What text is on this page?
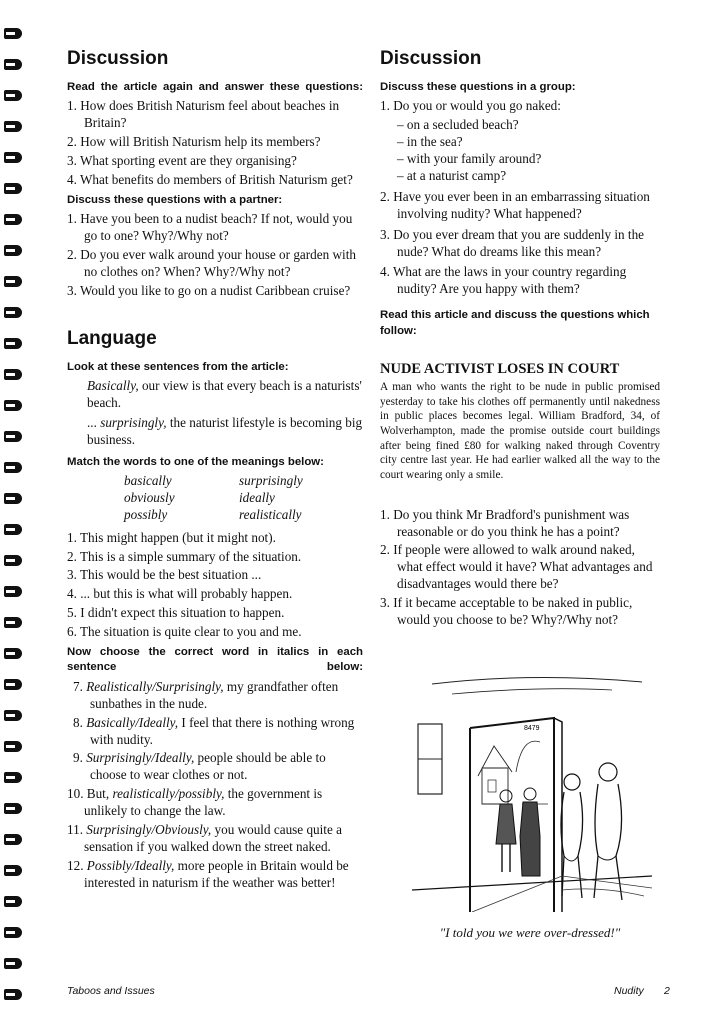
Discussion
Read the article again and answer these questions:
1. How does British Naturism feel about beaches in Britain?
2. How will British Naturism help its members?
3. What sporting event are they organising?
4. What benefits do members of British Naturism get?
Discuss these questions with a partner:
1. Have you been to a nudist beach? If not, would you go to one? Why?/Why not?
2. Do you ever walk around your house or garden with no clothes on? When? Why?/Why not?
3. Would you like to go on a nudist Caribbean cruise?
Language
Look at these sentences from the article:

Basically, our view is that every beach is a naturists' beach.

... surprisingly, the naturist lifestyle is becoming big business.

Match the words to one of the meanings below:
basically	surprisingly
obviously	ideally
possibly	realistically
1. This might happen (but it might not).
2. This is a simple summary of the situation.
3. This would be the best situation ...
4. ... but this is what will probably happen.
5. I didn't expect this situation to happen.
6. The situation is quite clear to you and me.
Now choose the correct word in italics in each sentence below:
7. Realistically/Surprisingly, my grandfather often sunbathes in the nude.
8. Basically/Ideally, I feel that there is nothing wrong with nudity.
9. Surprisingly/Ideally, people should be able to choose to wear clothes or not.
10. But, realistically/possibly, the government is unlikely to change the law.
11. Surprisingly/Obviously, you would cause quite a sensation if you walked down the street naked.
12. Possibly/Ideally, more people in Britain would be interested in naturism if the weather was better!
Discussion
Discuss these questions in a group:
1. Do you or would you go naked:

– on a secluded beach?

– in the sea?

– with your family around?

– at a naturist camp?

2. Have you ever been in an embarrassing situation involving nudity? What happened?
3. Do you ever dream that you are suddenly in the nude? What do dreams like this mean?
4. What are the laws in your country regarding nudity? Are you happy with them?
Read this article and discuss the questions which follow:
NUDE ACTIVIST LOSES IN COURT

A man who wants the right to be nude in public promised yesterday to take his clothes off permanently until nakedness in public places becomes legal. William Bradford, 34, of Wolverhampton, made the promise outside court buildings after being fined £80 for walking naked through Coventry city centre last year. He had earlier walked all the way to the court wearing only a smile.

1. Do you think Mr Bradford's punishment was reasonable or do you think he has a point?
2. If people were allowed to walk around naked, what effect would it have? What advantages and disadvantages would there be?
3. If it became acceptable to be naked in public, would you choose to be? Why?/Why not?
8479
"I told you we were over-dressed!"
Taboos and Issues	Nudity 2
